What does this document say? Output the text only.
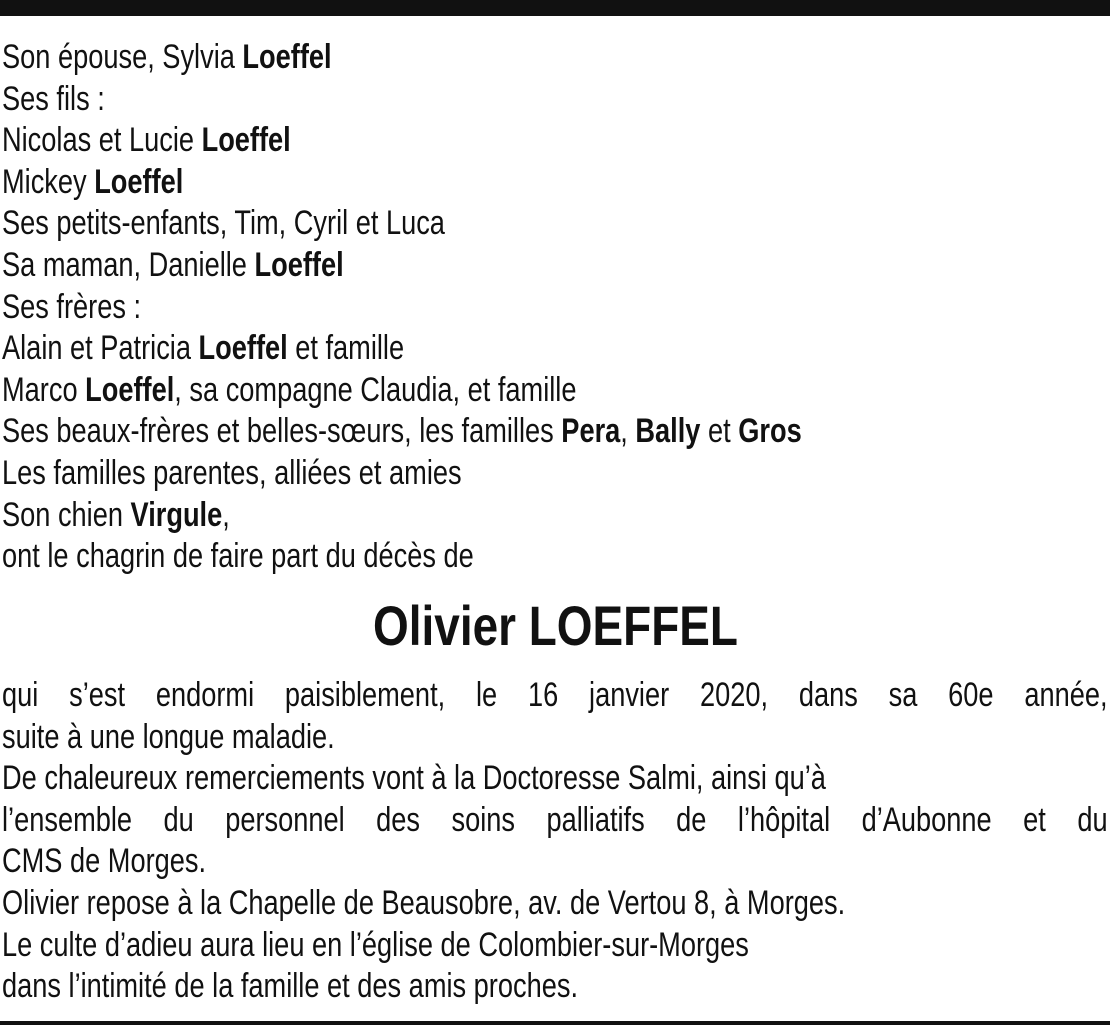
Son épouse, Sylvia Loeffel
Ses fils :
Nicolas et Lucie Loeffel
Mickey Loeffel
Ses petits-enfants, Tim, Cyril et Luca
Sa maman, Danielle Loeffel
Ses frères :
Alain et Patricia Loeffel et famille
Marco Loeffel, sa compagne Claudia, et famille
Ses beaux-frères et belles-sœurs, les familles Pera, Bally et Gros
Les familles parentes, alliées et amies
Son chien Virgule,
ont le chagrin de faire part du décès de
Olivier LOEFFEL
qui s’est endormi paisiblement, le 16 janvier 2020, dans sa 60e année,
suite à une longue maladie.
De chaleureux remerciements vont à la Doctoresse Salmi, ainsi qu’à
l’ensemble du personnel des soins palliatifs de l’hôpital d’Aubonne et du
CMS de Morges.
Olivier repose à la Chapelle de Beausobre, av. de Vertou 8, à Morges.
Le culte d’adieu aura lieu en l’église de Colombier-sur-Morges
dans l’intimité de la famille et des amis proches.
